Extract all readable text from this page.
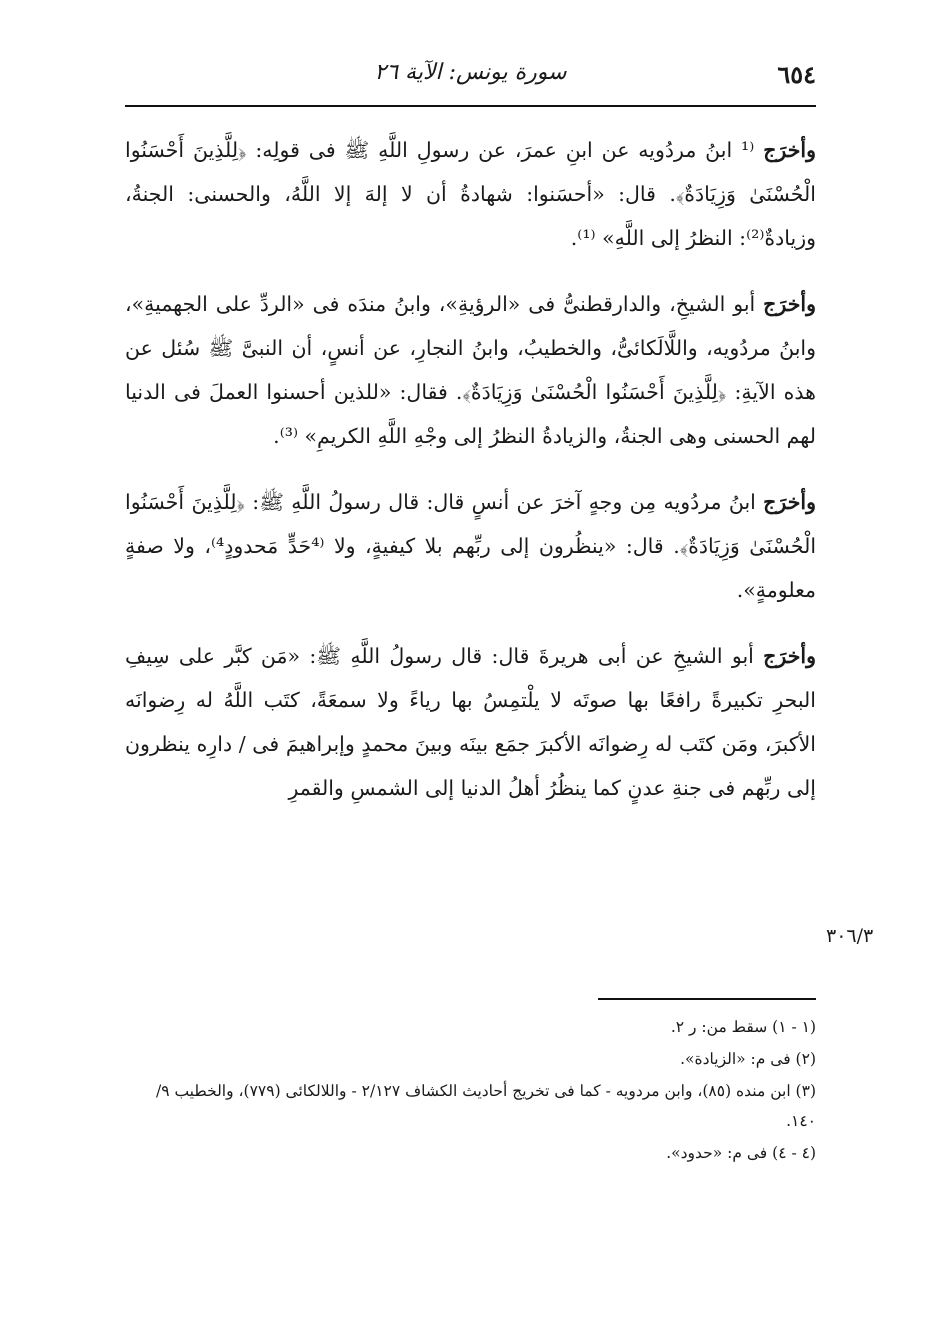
٦٥٤
سورة يونس: الآية ٢٦

وأخرَج ⁽¹ ابنُ مردُويه عن ابنِ عمرَ، عن رسولِ اللَّهِ ﷺ فى قولِه: ﴿لِلَّذِينَ أَحْسَنُوا الْحُسْنَىٰ وَزِيَادَةٌ﴾. قال: «أحسَنوا: شهادةُ أن لا إلهَ إلا اللَّهُ، والحسنى: الجنةُ، وزيادةٌ⁽²⁾: النظرُ إلى اللَّهِ» ⁽¹⁾.

وأخرَج أبو الشيخِ، والدارقطنىُّ فى «الرؤيةِ»، وابنُ مندَه فى «الردِّ على الجهميةِ»، وابنُ مردُويه، واللَّالَكائىُّ، والخطيبُ، وابنُ النجارِ، عن أنسٍ، أن النبىَّ ﷺ سُئل عن هذه الآيةِ: ﴿لِلَّذِينَ أَحْسَنُوا الْحُسْنَىٰ وَزِيَادَةٌ﴾. فقال: «للذين أحسنوا العملَ فى الدنيا لهم الحسنى وهى الجنةُ، والزيادةُ النظرُ إلى وجْهِ اللَّهِ الكريمِ» ⁽³⁾.

وأخرَج ابنُ مردُويه مِن وجهٍ آخرَ عن أنسٍ قال: قال رسولُ اللَّهِ ﷺ: ﴿لِلَّذِينَ أَحْسَنُوا الْحُسْنَىٰ وَزِيَادَةٌ﴾. قال: «ينظُرون إلى ربِّهم بلا كيفيةٍ، ولا ⁽⁴حَدٍّ مَحدودٍ⁴⁾، ولا صفةٍ معلومةٍ».

وأخرَج أبو الشيخِ عن أبى هريرةَ قال: قال رسولُ اللَّهِ ﷺ: «مَن كبَّر على سِيفِ البحرِ تكبيرةً رافعًا بها صوتَه لا يلْتمِسُ بها رياءً ولا سمعَةً، كتَب اللَّهُ له رِضوانَه الأكبرَ، ومَن كتَب له رِضوانَه الأكبرَ جمَع بينَه وبينَ محمدٍ وإبراهيمَ فى / دارِه ينظرون إلى ربِّهم فى جنةِ عدنٍ كما ينظُرُ أهلُ الدنيا إلى الشمسِ والقمرِ

٣٠٦/٣

(١ - ١) سقط من: ر ٢.

(٢) فى م: «الزيادة».

(٣) ابن منده (٨٥)، وابن مردويه - كما فى تخريج أحاديث الكشاف ٢/١٢٧ - واللالكائى (٧٧٩)، والخطيب ٩/ ١٤٠.

(٤ - ٤) فى م: «حدود».
